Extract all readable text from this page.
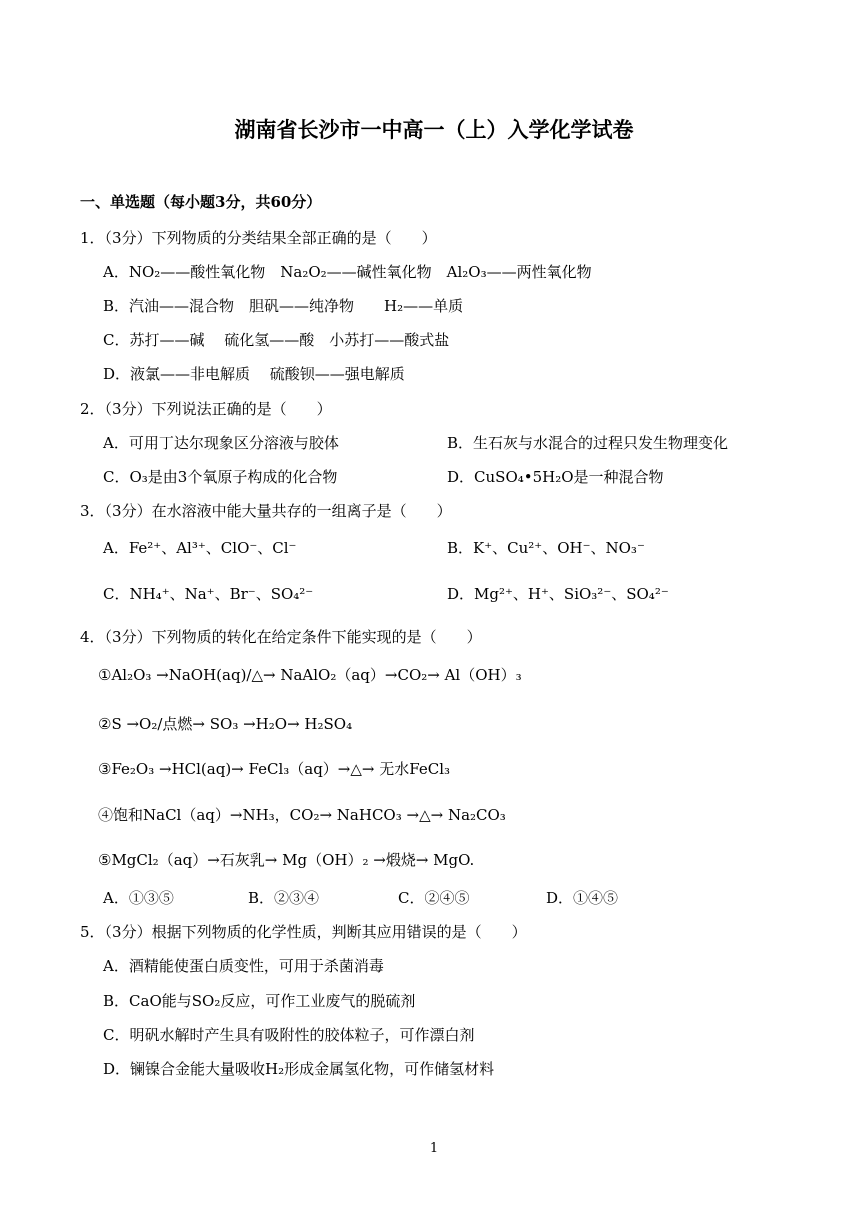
湖南省长沙市一中高一（上）入学化学试卷
一、单选题（每小题3分，共60分）
1．（3分）下列物质的分类结果全部正确的是（　　）
A．NO₂——酸性氧化物　Na₂O₂——碱性氧化物　Al₂O₃——两性氧化物
B．汽油——混合物　胆矾——纯净物　　H₂——单质
C．苏打——碱　 硫化氢——酸　小苏打——酸式盐
D．液氯——非电解质　 硫酸钡——强电解质
2．（3分）下列说法正确的是（　　）
A．可用丁达尔现象区分溶液与胶体	B．生石灰与水混合的过程只发生物理变化
C．O₃是由3个氧原子构成的化合物	D．CuSO₄•5H₂O是一种混合物
3．（3分）在水溶液中能大量共存的一组离子是（　　）
A．Fe²⁺、Al³⁺、ClO⁻、Cl⁻	B．K⁺、Cu²⁺、OH⁻、NO₃⁻
C．NH₄⁺、Na⁺、Br⁻、SO₄²⁻	D．Mg²⁺、H⁺、SiO₃²⁻、SO₄²⁻
4．（3分）下列物质的转化在给定条件下能实现的是（　　）
①Al₂O₃ →NaOH(aq)/△→ NaAlO₂（aq）→CO₂→ Al（OH）₃
②S →O₂/点燃→ SO₃ →H₂O→ H₂SO₄
③Fe₂O₃ →HCl(aq)→ FeCl₃（aq）→△→ 无水FeCl₃
④饱和NaCl（aq）→NH₃，CO₂→ NaHCO₃ →△→ Na₂CO₃
⑤MgCl₂（aq）→石灰乳→ Mg（OH）₂ →煅烧→ MgO.
A．①③⑤	B．②③④	C．②④⑤	D．①④⑤
5．（3分）根据下列物质的化学性质，判断其应用错误的是（　　）
A．酒精能使蛋白质变性，可用于杀菌消毒
B．CaO能与SO₂反应，可作工业废气的脱硫剂
C．明矾水解时产生具有吸附性的胶体粒子，可作漂白剂
D．镧镍合金能大量吸收H₂形成金属氢化物，可作储氢材料
1
